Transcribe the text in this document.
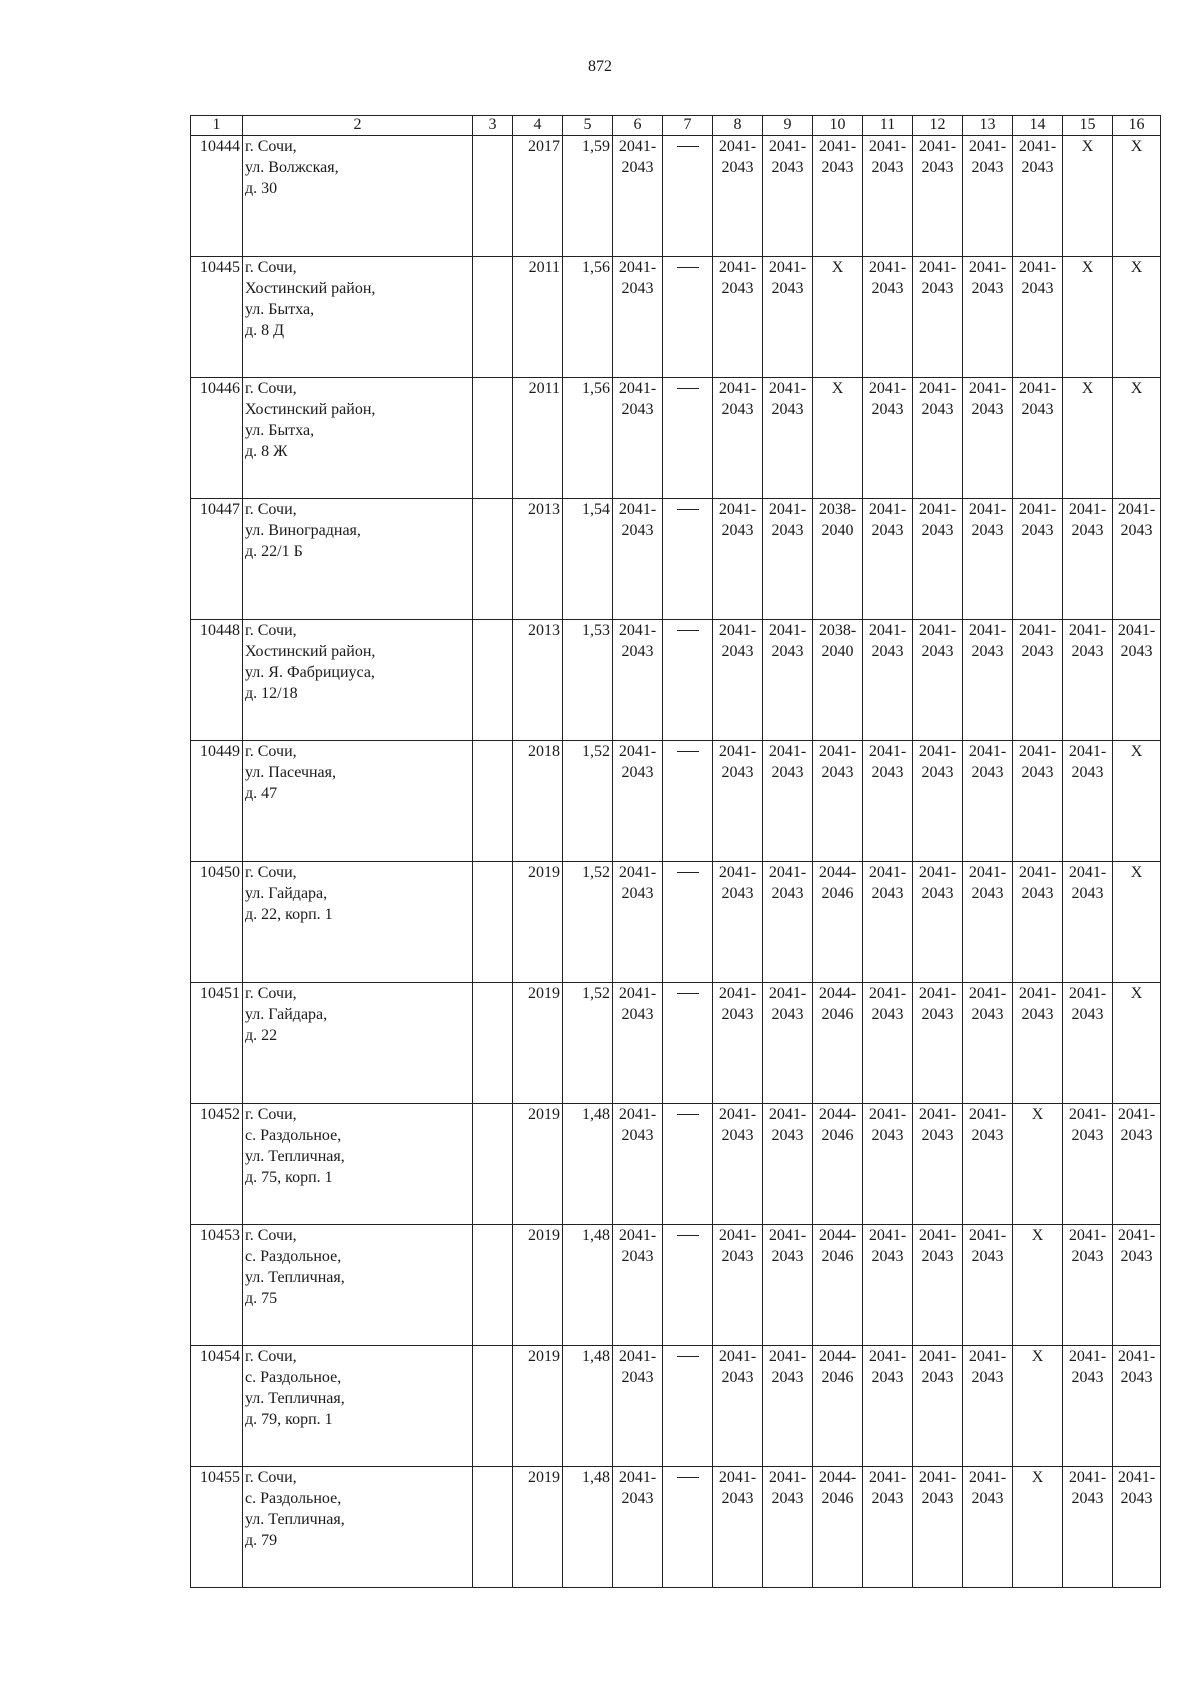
872
1	2	3	4	5	6	7	8	9	10	11	12	13	14	15	16
10444	г. Сочи,
ул. Волжская,
д. 30		2017	1,59	2041-
2043		2041-
2043	2041-
2043	2041-
2043	2041-
2043	2041-
2043	2041-
2043	2041-
2043	Х	Х

10445	г. Сочи,
Хостинский район,
ул. Бытха,
д. 8 Д		2011	1,56	2041-
2043		2041-
2043	2041-
2043	Х	2041-
2043	2041-
2043	2041-
2043	2041-
2043	Х	Х

10446	г. Сочи,
Хостинский район,
ул. Бытха,
д. 8 Ж		2011	1,56	2041-
2043		2041-
2043	2041-
2043	Х	2041-
2043	2041-
2043	2041-
2043	2041-
2043	Х	Х

10447	г. Сочи,
ул. Виноградная,
д. 22/1 Б		2013	1,54	2041-
2043		2041-
2043	2041-
2043	2038-
2040	2041-
2043	2041-
2043	2041-
2043	2041-
2043	2041-
2043	2041-
2043

10448	г. Сочи,
Хостинский район,
ул. Я. Фабрициуса,
д. 12/18		2013	1,53	2041-
2043		2041-
2043	2041-
2043	2038-
2040	2041-
2043	2041-
2043	2041-
2043	2041-
2043	2041-
2043	2041-
2043

10449	г. Сочи,
ул. Пасечная,
д. 47		2018	1,52	2041-
2043		2041-
2043	2041-
2043	2041-
2043	2041-
2043	2041-
2043	2041-
2043	2041-
2043	2041-
2043	Х

10450	г. Сочи,
ул. Гайдара,
д. 22, корп. 1		2019	1,52	2041-
2043		2041-
2043	2041-
2043	2044-
2046	2041-
2043	2041-
2043	2041-
2043	2041-
2043	2041-
2043	Х

10451	г. Сочи,
ул. Гайдара,
д. 22		2019	1,52	2041-
2043		2041-
2043	2041-
2043	2044-
2046	2041-
2043	2041-
2043	2041-
2043	2041-
2043	2041-
2043	Х

10452	г. Сочи,
с. Раздольное,
ул. Тепличная,
д. 75, корп. 1		2019	1,48	2041-
2043		2041-
2043	2041-
2043	2044-
2046	2041-
2043	2041-
2043	2041-
2043	Х	2041-
2043	2041-
2043

10453	г. Сочи,
с. Раздольное,
ул. Тепличная,
д. 75		2019	1,48	2041-
2043		2041-
2043	2041-
2043	2044-
2046	2041-
2043	2041-
2043	2041-
2043	Х	2041-
2043	2041-
2043

10454	г. Сочи,
с. Раздольное,
ул. Тепличная,
д. 79, корп. 1		2019	1,48	2041-
2043		2041-
2043	2041-
2043	2044-
2046	2041-
2043	2041-
2043	2041-
2043	Х	2041-
2043	2041-
2043

10455	г. Сочи,
с. Раздольное,
ул. Тепличная,
д. 79		2019	1,48	2041-
2043		2041-
2043	2041-
2043	2044-
2046	2041-
2043	2041-
2043	2041-
2043	Х	2041-
2043	2041-
2043
